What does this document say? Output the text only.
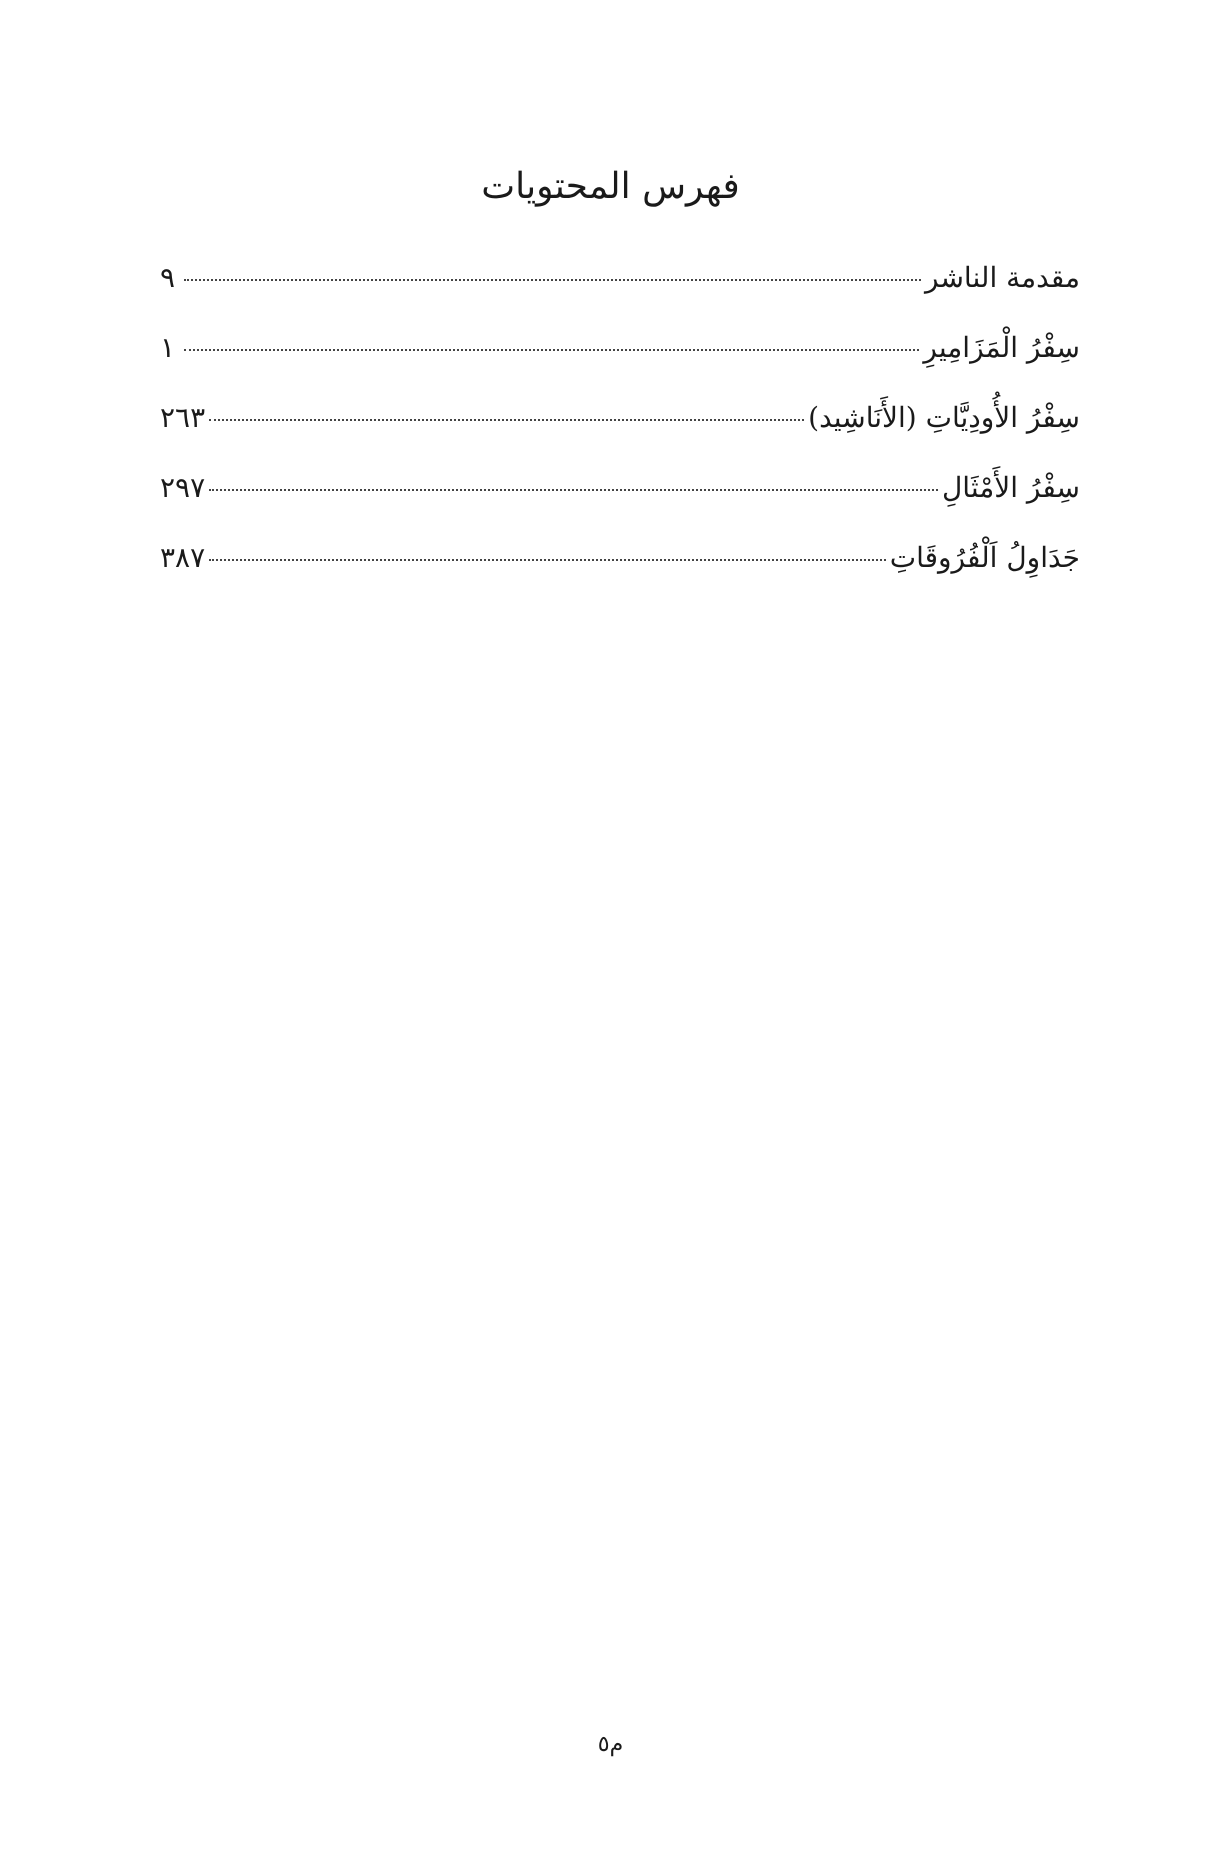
فهرس المحتويات
مقدمة الناشر
٩
سِفْرُ الْمَزَامِيرِ
١
سِفْرُ الأُودِيَّاتِ (الأَنَاشِيد)
٢٦٣
سِفْرُ الأَمْثَالِ
٢٩٧
جَدَاوِلُ اَلْفُرُوقَاتِ
٣٨٧
م٥
